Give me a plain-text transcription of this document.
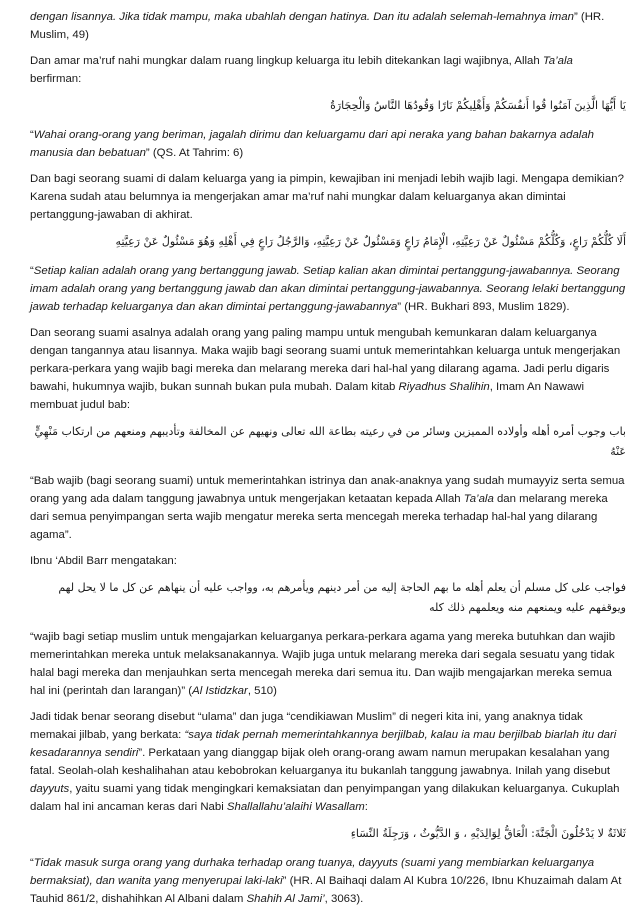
dengan lisannya. Jika tidak mampu, maka ubahlah dengan hatinya. Dan itu adalah selemah-lemahnya iman” (HR. Muslim, 49)

Dan amar ma’ruf nahi mungkar dalam ruang lingkup keluarga itu lebih ditekankan lagi wajibnya, Allah Ta’ala berfirman:

يَا أَيُّهَا الَّذِينَ آمَنُوا قُوا أَنفُسَكُمْ وَأَهْلِيكُمْ نَارًا وَقُودُهَا النَّاسُ وَالْحِجَارَةُ

“Wahai orang-orang yang beriman, jagalah dirimu dan keluargamu dari api neraka yang bahan bakarnya adalah manusia dan bebatuan” (QS. At Tahrim: 6)

Dan bagi seorang suami di dalam keluarga yang ia pimpin, kewajiban ini menjadi lebih wajib lagi. Mengapa demikian? Karena sudah atau belumnya ia mengerjakan amar ma’ruf nahi mungkar dalam keluarganya akan dimintai pertanggung-jawaban di akhirat.

أَلَا كُلُّكُمْ رَاعٍ، وَكُلُّكُمْ مَسْئُولٌ عَنْ رَعِيَّتِهِ، الْإِمَامُ رَاعٍ وَمَسْئُولٌ عَنْ رَعِيَّتِهِ، وَالرَّجُلُ رَاعٍ فِي أَهْلِهِ وَهُوَ مَسْئُولٌ عَنْ رَعِيَّتِهِ

“Setiap kalian adalah orang yang bertanggung jawab. Setiap kalian akan dimintai pertanggung-jawabannya. Seorang imam adalah orang yang bertanggung jawab dan akan dimintai pertanggung-jawabannya. Seorang lelaki bertanggung jawab terhadap keluarganya dan akan dimintai pertanggung-jawabannya” (HR. Bukhari 893, Muslim 1829).

Dan seorang suami asalnya adalah orang yang paling mampu untuk mengubah kemunkaran dalam keluarganya dengan tangannya atau lisannya. Maka wajib bagi seorang suami untuk memerintahkan keluarga untuk mengerjakan perkara-perkara yang wajib bagi mereka dan melarang mereka dari hal-hal yang dilarang agama. Jadi perlu digaris bawahi, hukumnya wajib, bukan sunnah bukan pula mubah. Dalam kitab Riyadhus Shalihin, Imam An Nawawi membuat judul bab:

باب وجوب أمره أهله وأولاده المميزين وسائر من في رعيته بطاعة الله تعالى ونهيهم عن المخالفة وتأديبهم ومنعهم من ارتكاب مَنْهِيٍّ عَنْهُ

“Bab wajib (bagi seorang suami) untuk memerintahkan istrinya dan anak-anaknya yang sudah mumayyiz serta semua orang yang ada dalam tanggung jawabnya untuk mengerjakan ketaatan kepada Allah Ta’ala dan melarang mereka dari semua penyimpangan serta wajib mengatur mereka serta mencegah mereka terhadap hal-hal yang dilarang agama”.

Ibnu ‘Abdil Barr mengatakan:

فواجب على كل مسلم أن يعلم أهله ما بهم الحاجة إليه من أمر دينهم ويأمرهم به، وواجب عليه أن ينهاهم عن كل ما لا يحل لهم ويوقفهم عليه ويمنعهم منه ويعلمهم ذلك كله

“wajib bagi setiap muslim untuk mengajarkan keluarganya perkara-perkara agama yang mereka butuhkan dan wajib memerintahkan mereka untuk melaksanakannya. Wajib juga untuk melarang mereka dari segala sesuatu yang tidak halal bagi mereka dan menjauhkan serta mencegah mereka dari semua itu. Dan wajib mengajarkan mereka semua hal ini (perintah dan larangan)” (Al Istidzkar, 510)

Jadi tidak benar seorang disebut “ulama” dan juga “cendikiawan Muslim” di negeri kita ini, yang anaknya tidak memakai jilbab, yang berkata: “saya tidak pernah memerintahkannya berjilbab, kalau ia mau berjilbab biarlah itu dari kesadarannya sendiri”. Perkataan yang dianggap bijak oleh orang-orang awam namun merupakan kesalahan yang fatal. Seolah-olah keshalihahan atau kebobrokan keluarganya itu bukanlah tanggung jawabnya. Inilah yang disebut dayyuts, yaitu suami yang tidak mengingkari kemaksiatan dan penyimpangan yang dilakukan keluarganya. Cukuplah dalam hal ini ancaman keras dari Nabi Shallallahu’alaihi Wasallam:

ثَلاثَةٌ لا يَدْخُلُونَ الْجَنَّةَ: الْعَاقُّ لِوَالِدَيْهِ ، وَ الدَّيُّوثُ ، وَرَجِلَةُ النِّسَاءِ

“Tidak masuk surga orang yang durhaka terhadap orang tuanya, dayyuts (suami yang membiarkan keluarganya bermaksiat), dan wanita yang menyerupai laki-laki” (HR. Al Baihaqi dalam Al Kubra 10/226, Ibnu Khuzaimah dalam At Tauhid 861/2, dishahihkan Al Albani dalam Shahih Al Jami’, 3063).
